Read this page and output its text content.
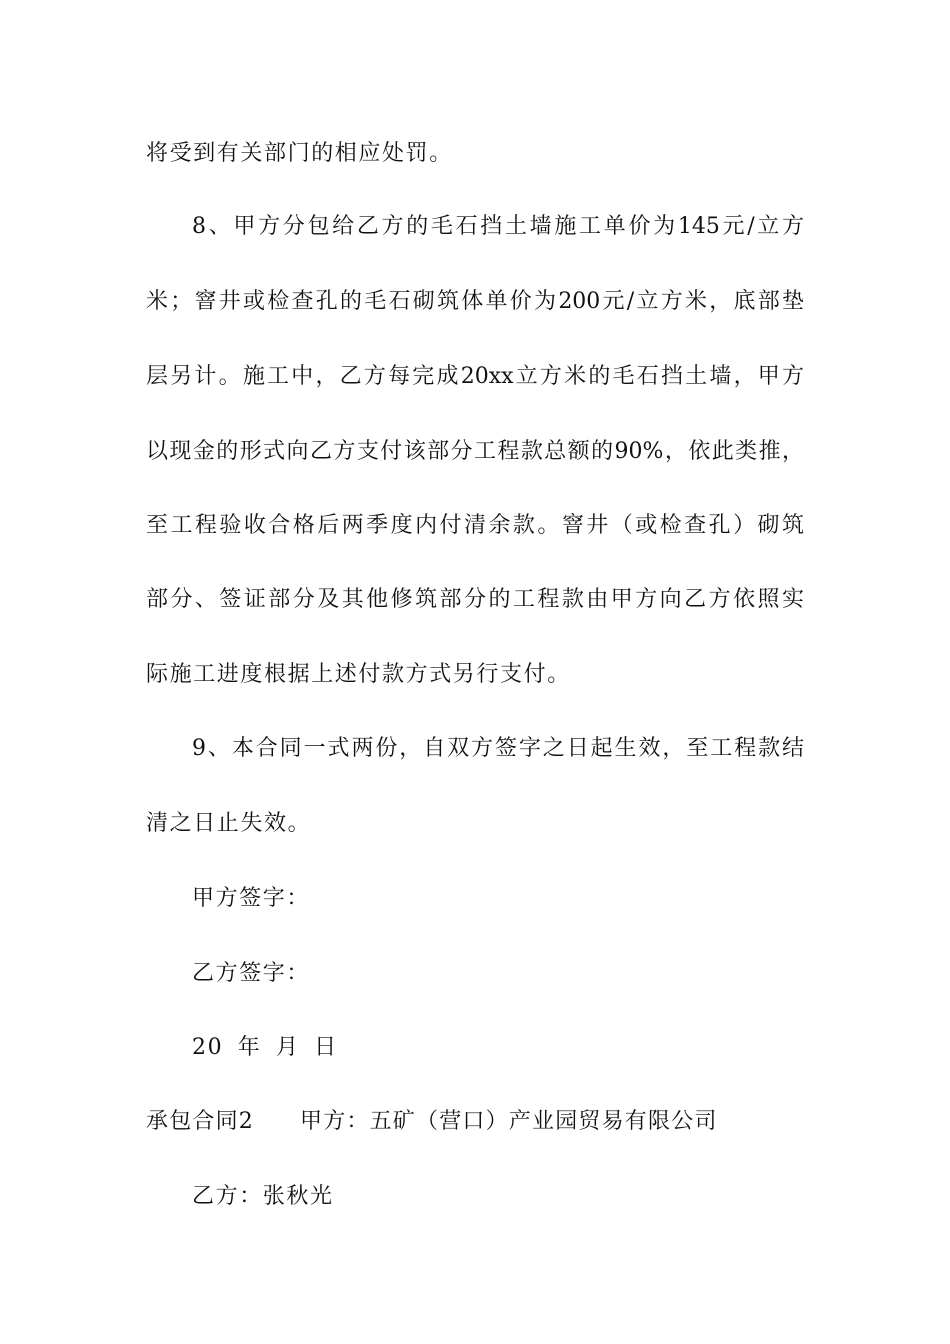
将受到有关部门的相应处罚。
8、甲方分包给乙方的毛石挡土墙施工单价为145元/立方
米；窨井或检查孔的毛石砌筑体单价为200元/立方米，底部垫
层另计。施工中，乙方每完成20xx立方米的毛石挡土墙，甲方
以现金的形式向乙方支付该部分工程款总额的90%，依此类推，
至工程验收合格后两季度内付清余款。窨井（或检查孔）砌筑
部分、签证部分及其他修筑部分的工程款由甲方向乙方依照实
际施工进度根据上述付款方式另行支付。
9、本合同一式两份，自双方签字之日起生效，至工程款结
清之日止失效。
甲方签字：
乙方签字：
20 年 月 日
承包合同2 甲方：五矿（营口）产业园贸易有限公司
乙方：张秋光
